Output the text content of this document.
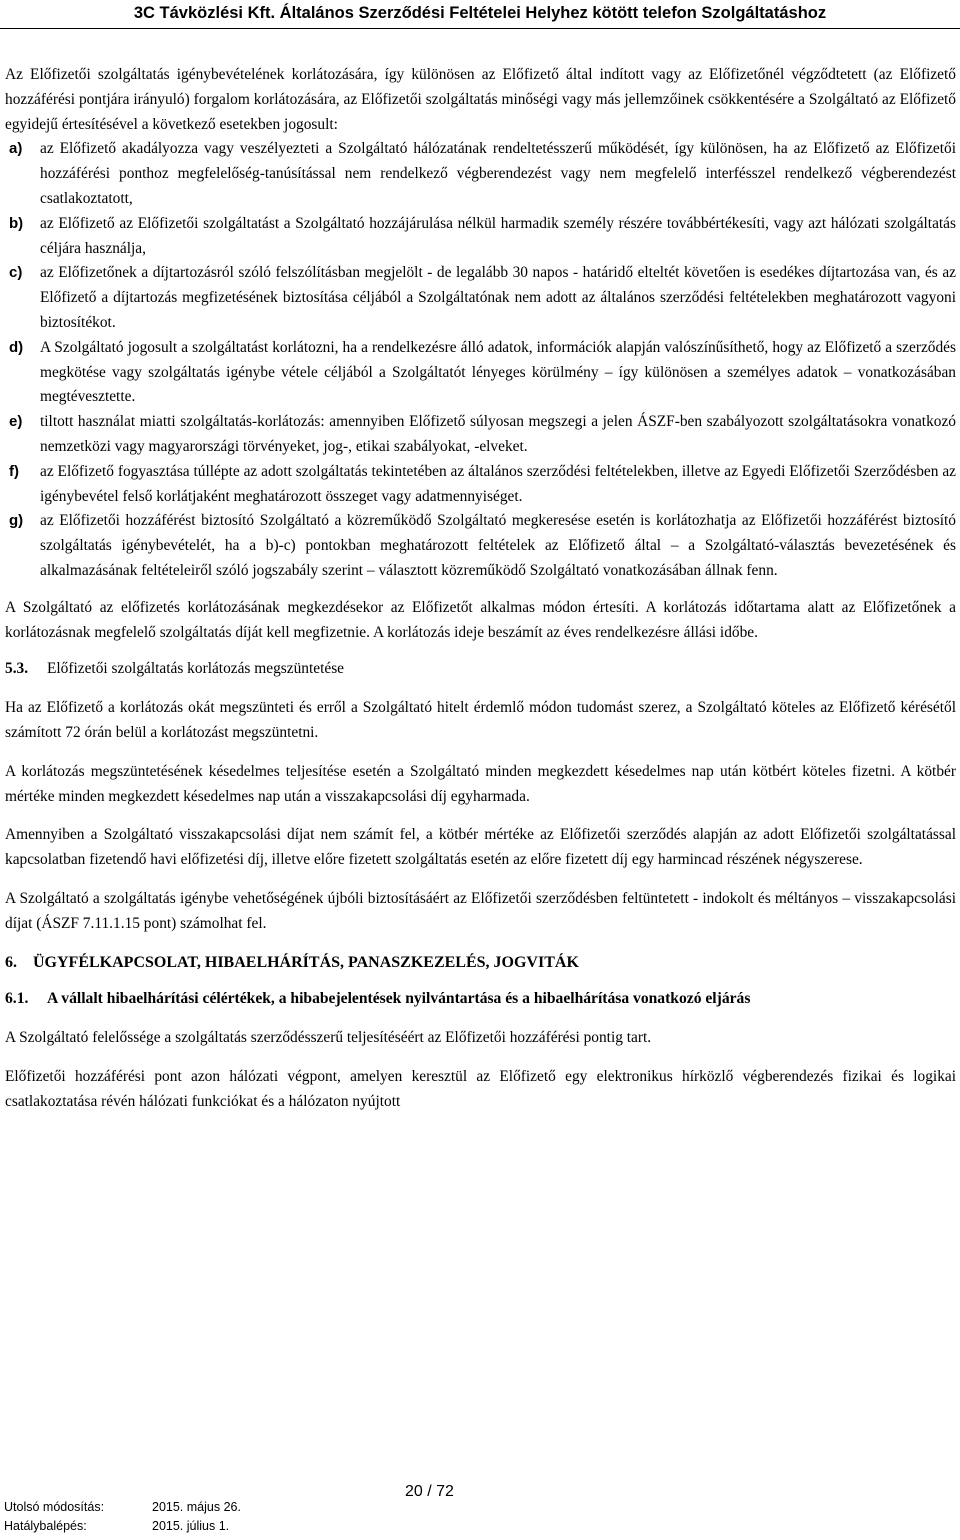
3C Távközlési Kft. Általános Szerződési Feltételei Helyhez kötött telefon Szolgáltatáshoz

Az Előfizetői szolgáltatás igénybevételének korlátozására, így különösen az Előfizető által indított vagy az Előfizetőnél végződtetett (az Előfizető hozzáférési pontjára irányuló) forgalom korlátozására, az Előfizetői szolgáltatás minőségi vagy más jellemzőinek csökkentésére a Szolgáltató az Előfizető egyidejű értesítésével a következő esetekben jogosult:

a) az Előfizető akadályozza vagy veszélyezteti a Szolgáltató hálózatának rendeltetésszerű működését, így különösen, ha az Előfizető az Előfizetői hozzáférési ponthoz megfelelőség-tanúsítással nem rendelkező végberendezést vagy nem megfelelő interfésszel rendelkező végberendezést csatlakoztatott,

b) az Előfizető az Előfizetői szolgáltatást a Szolgáltató hozzájárulása nélkül harmadik személy részére továbbértékesíti, vagy azt hálózati szolgáltatás céljára használja,

c) az Előfizetőnek a díjtartozásról szóló felszólításban megjelölt - de legalább 30 napos - határidő elteltét követően is esedékes díjtartozása van, és az Előfizető a díjtartozás megfizetésének biztosítása céljából a Szolgáltatónak nem adott az általános szerződési feltételekben meghatározott vagyoni biztosítékot.

d) A Szolgáltató jogosult a szolgáltatást korlátozni, ha a rendelkezésre álló adatok, információk alapján valószínűsíthető, hogy az Előfizető a szerződés megkötése vagy szolgáltatás igénybe vétele céljából a Szolgáltatót lényeges körülmény – így különösen a személyes adatok – vonatkozásában megtévesztette.

e) tiltott használat miatti szolgáltatás-korlátozás: amennyiben Előfizető súlyosan megszegi a jelen ÁSZF-ben szabályozott szolgáltatásokra vonatkozó nemzetközi vagy magyarországi törvényeket, jog-, etikai szabályokat, -elveket.

f) az Előfizető fogyasztása túllépte az adott szolgáltatás tekintetében az általános szerződési feltételekben, illetve az Egyedi Előfizetői Szerződésben az igénybevétel felső korlátjaként meghatározott összeget vagy adatmennyiséget.

g) az Előfizetői hozzáférést biztosító Szolgáltató a közreműködő Szolgáltató megkeresése esetén is korlátozhatja az Előfizetői hozzáférést biztosító szolgáltatás igénybevételét, ha a b)-c) pontokban meghatározott feltételek az Előfizető által – a Szolgáltató-választás bevezetésének és alkalmazásának feltételeiről szóló jogszabály szerint – választott közreműködő Szolgáltató vonatkozásában állnak fenn.

A Szolgáltató az előfizetés korlátozásának megkezdésekor az Előfizetőt alkalmas módon értesíti. A korlátozás időtartama alatt az Előfizetőnek a korlátozásnak megfelelő szolgáltatás díját kell megfizetnie. A korlátozás ideje beszámít az éves rendelkezésre állási időbe.

5.3. Előfizetői szolgáltatás korlátozás megszüntetése

Ha az Előfizető a korlátozás okát megszünteti és erről a Szolgáltató hitelt érdemlő módon tudomást szerez, a Szolgáltató köteles az Előfizető kérésétől számított 72 órán belül a korlátozást megszüntetni.

A korlátozás megszüntetésének késedelmes teljesítése esetén a Szolgáltató minden megkezdett késedelmes nap után kötbért köteles fizetni. A kötbér mértéke minden megkezdett késedelmes nap után a visszakapcsolási díj egyharmada.

Amennyiben a Szolgáltató visszakapcsolási díjat nem számít fel, a kötbér mértéke az Előfizetői szerződés alapján az adott Előfizetői szolgáltatással kapcsolatban fizetendő havi előfizetési díj, illetve előre fizetett szolgáltatás esetén az előre fizetett díj egy harmincad részének négyszerese.

A Szolgáltató a szolgáltatás igénybe vehetőségének újbóli biztosításáért az Előfizetői szerződésben feltüntetett - indokolt és méltányos – visszakapcsolási díjat (ÁSZF 7.11.1.15 pont) számolhat fel.

6. ÜGYFÉLKAPCSOLAT, HIBAELHÁRÍTÁS, PANASZKEZELÉS, JOGVITÁK
6.1. A vállalt hibaelhárítási célértékek, a hibabejelentések nyilvántartása és a hibaelhárítása vonatkozó eljárás

A Szolgáltató felelőssége a szolgáltatás szerződésszerű teljesítéséért az Előfizetői hozzáférési pontig tart.

Előfizetői hozzáférési pont azon hálózati végpont, amelyen keresztül az Előfizető egy elektronikus hírközlő végberendezés fizikai és logikai csatlakoztatása révén hálózati funkciókat és a hálózaton nyújtott

20 / 72
Utolsó módosítás:	2015. május 26.
Hatálybalépés:	2015. július 1.
